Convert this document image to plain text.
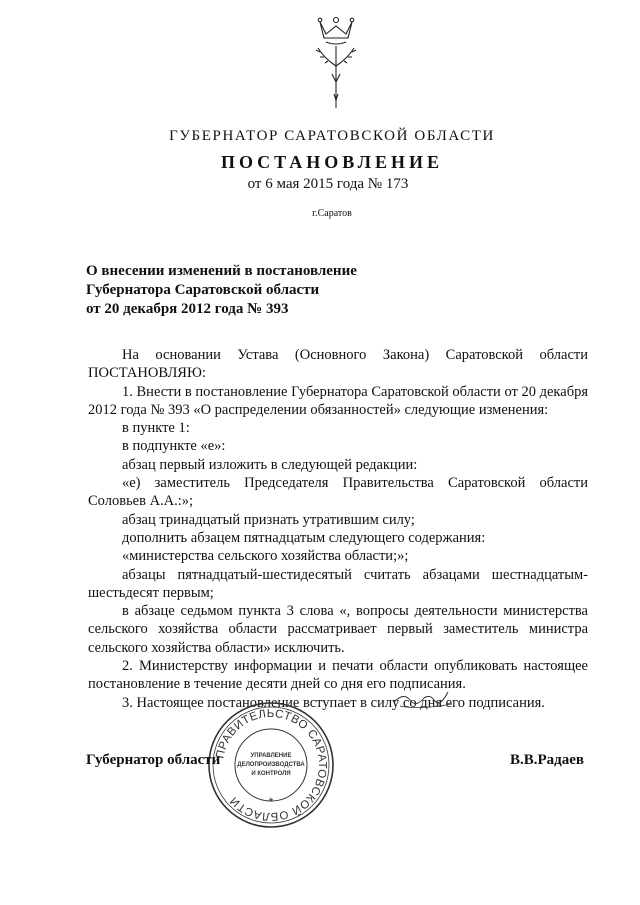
ГУБЕРНАТОР САРАТОВСКОЙ ОБЛАСТИ
ПОСТАНОВЛЕНИЕ
от 6 мая 2015 года № 173
г.Саратов
О внесении изменений в постановление
Губернатора Саратовской области
от 20 декабря 2012 года № 393

На основании Устава (Основного Закона) Саратовской области

ПОСТАНОВЛЯЮ:

1. Внести в постановление Губернатора Саратовской области от 20 декабря 2012 года № 393 «О распределении обязанностей» следующие изменения:

в пункте 1:

в подпункте «е»:

абзац первый изложить в следующей редакции:

«е) заместитель Председателя Правительства Саратовской области Соловьев А.А.:»;

абзац тринадцатый признать утратившим силу;

дополнить абзацем пятнадцатым следующего содержания:

«министерства сельского хозяйства области;»;

абзацы пятнадцатый-шестидесятый считать абзацами шестнадцатым-шестьдесят первым;

в абзаце седьмом пункта 3 слова «, вопросы деятельности министерства сельского хозяйства области рассматривает первый заместитель министра сельского хозяйства области» исключить.

2. Министерству информации и печати области опубликовать настоящее постановление в течение десяти дней со дня его подписания.

3. Настоящее постановление вступает в силу со дня его подписания.

ПРАВИТЕЛЬСТВО САРАТОВСКОЙ ОБЛАСТИ
УПРАВЛЕНИЕ
ДЕЛОПРОИЗВОДСТВА
И КОНТРОЛЯ
*
Губернатор области	В.В.Радаев
